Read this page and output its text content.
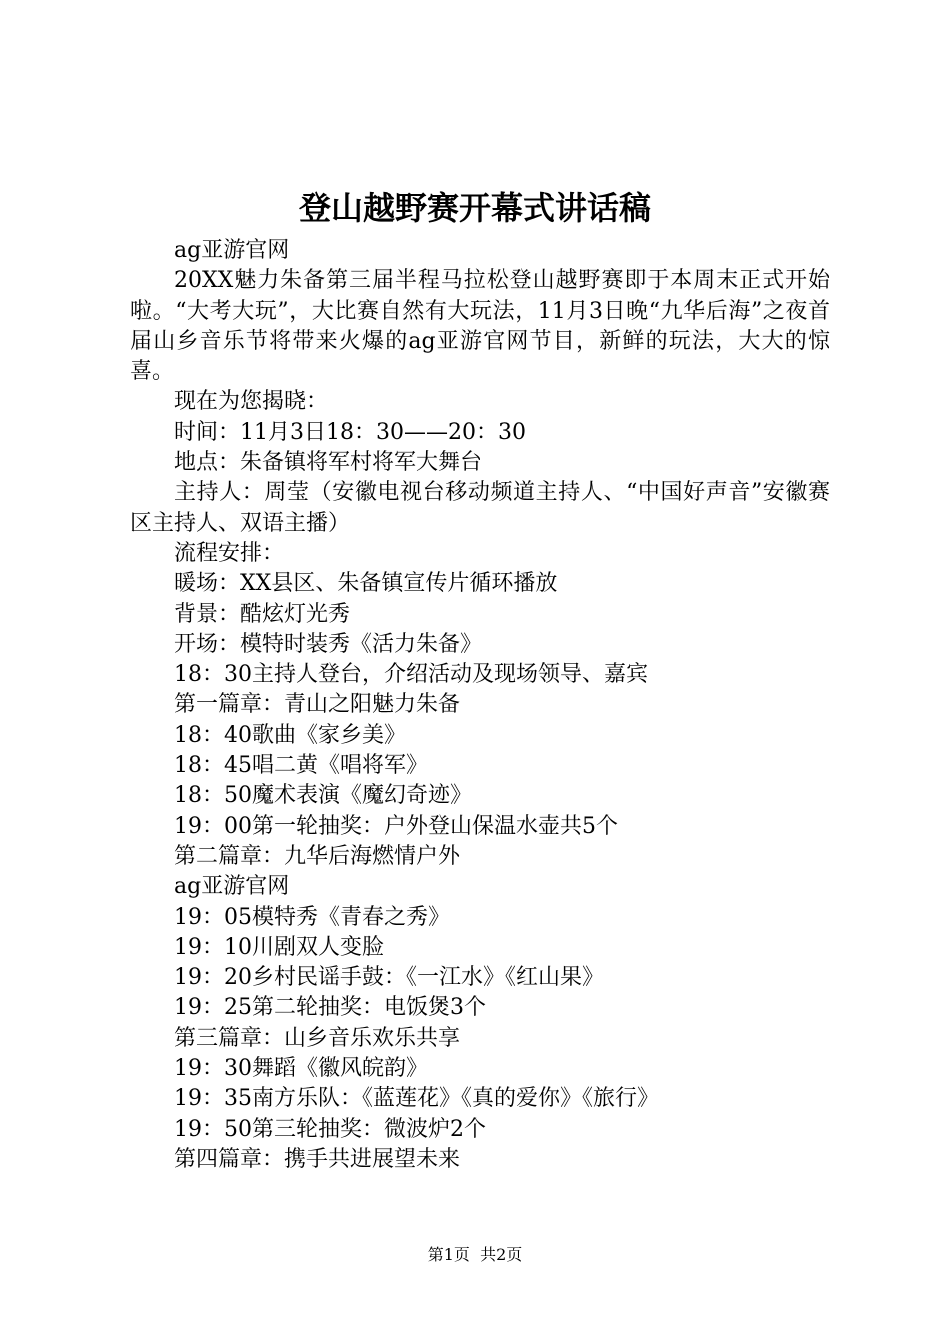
登山越野赛开幕式讲话稿

ag亚游官网

20XX魅力朱备第三届半程马拉松登山越野赛即于本周末正式开始啦。“大考大玩”，大比赛自然有大玩法，11月3日晚“九华后海”之夜首届山乡音乐节将带来火爆的ag亚游官网节目，新鲜的玩法，大大的惊喜。

现在为您揭晓：

时间：11月3日18：30——20：30

地点：朱备镇将军村将军大舞台

主持人：周莹（安徽电视台移动频道主持人、“中国好声音”安徽赛区主持人、双语主播）

流程安排：

暖场：XX县区、朱备镇宣传片循环播放

背景：酷炫灯光秀

开场：模特时装秀《活力朱备》

18：30主持人登台，介绍活动及现场领导、嘉宾

第一篇章：青山之阳魅力朱备

18：40歌曲《家乡美》

18：45唱二黄《唱将军》

18：50魔术表演《魔幻奇迹》

19：00第一轮抽奖：户外登山保温水壶共5个

第二篇章：九华后海燃情户外

ag亚游官网

19：05模特秀《青春之秀》

19：10川剧双人变脸

19：20乡村民谣手鼓：《一江水》《红山果》

19：25第二轮抽奖：电饭煲3个

第三篇章：山乡音乐欢乐共享

19：30舞蹈《徽风皖韵》

19：35南方乐队：《蓝莲花》《真的爱你》《旅行》

19：50第三轮抽奖：微波炉2个

第四篇章：携手共进展望未来

第1页 共2页
